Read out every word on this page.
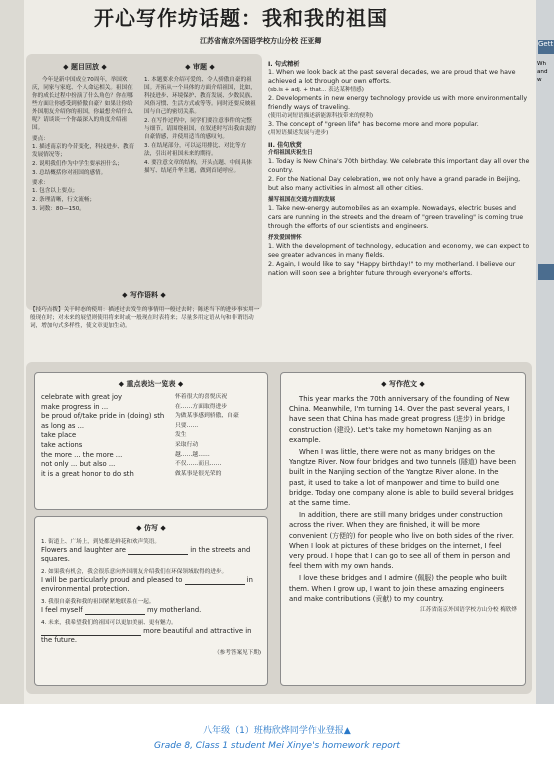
开心写作坊话题：我和我的祖国
江苏省南京外国语学校方山分校 汪亚卿
◆ 题目回放 ◆
今年是新中国成立70周年，举国欢庆，同家与家庭、个人命运相关。祖国在你的成长过程中扮演了什么角色？你在哪些方面让你感受到骄傲自豪？如果让你给外国朋友介绍你的祖国，你最想介绍什么呢？请谈谈一个你最深入的角度介绍祖国。
要点：
1. 描述南京的今昔变化，科技进步、教育发展情况等；
2. 说明我们作为中学生要承担什么；
3. 总结概括你对祖国的感情。
要求：
1. 包含以上要点；
2. 条理清晰，行文流畅；
3. 词数：80—150。
◆ 审题 ◆
1. 本题要求介绍可爱的、令人骄傲自豪的祖国。开拓从一个具体的方面介绍祖国，比如，科技进步、环境保护、教育发展、少数民族、风俗习惯、生活方式或等等。同时还要反映祖国与自己的密切关系。
2. 在写作过程中，同学们要注意事件的完整与细节。请围绕祖国，在叙述时写出我由衷的自豪情感，并使用适当的感叹句。
3. 在结尾部分，可以运用排比、对比等方法，引出对祖国未来的期待。
4. 要注意文章的结构，开头点题、中间具体描写、结尾升华主题，做到首尾呼应。
◆ 写作语料 ◆
【技巧点拨】关于时态的使用：描述过去发生的事情用一般过去时；陈述当下的进步事实用一般现在时；对未来的展望则使用将来时或一般现在时表将来；尽量多用定语从句和非谓语动词，增加句式多样性，使文章更加生动。
I. 句式精析
1. When we look back at the past several decades, we are proud that we have achieved a lot through our own efforts.
(sb.is + adj. + that... 表达某种情感)
2. Developments in new energy technology provide us with more environmentally friendly ways of traveling.
(使用动词短语描述新能源科技带来的便利)
3. The concept of "green life" has become more and more popular.
(用短语描述发展与进步)
II. 佳句欣赏
介绍祖国庆祝生日
1. Today is New China's 70th birthday. We celebrate this important day all over the country.
2. For the National Day celebration, we not only have a grand parade in Beijing, but also many activities in almost all other cities.
描写祖国在交通方面的发展
1. Take new-energy automobiles as an example. Nowadays, electric buses and cars are running in the streets and the dream of "green traveling" is coming true through the efforts of our scientists and engineers.
抒发爱国情怀
1. With the development of technology, education and economy, we can expect to see greater advances in many fields.
2. Again, I would like to say "Happy birthday!" to my motherland. I believe our nation will soon see a brighter future through everyone's efforts.
◆ 重点表达一览表 ◆
celebrate with great joy	怀着很大的喜悦庆祝
make progress in ...	在……方面取得进步
be proud of/take pride in (doing) sth	为做某事感到骄傲、自豪
as long as ...	只要……
take place	发生
take actions	采取行动
the more ... the more ...	越……越……
not only ... but also ...	不仅……而且……
it is a great honor to do sth	做某事是很光荣的
◆ 仿写 ◆
1. 街道上、广场上，到处都是鲜花和欢声笑语。
Flowers and laughter are	in the streets and squares.
2. 如果我有机会，我会很乐意向外国朋友介绍我们在环保领域取得的进步。
I will be particularly proud and pleased to	in environmental protection.
3. 我很自豪我和我的祖国紧紧地联系在一起。
I feel myself	my motherland.
4. 未来，我希望我们的祖国可以更加美丽、更有魅力。
more beautiful and attractive in the future.
（参考答案见下期)
◆ 写作范文 ◆

This year marks the 70th anniversary of the founding of New China. Meanwhile, I'm turning 14. Over the past several years, I have seen that China has made great progress (进步) in bridge construction (建设). Let's take my hometown Nanjing as an example.

When I was little, there were not as many bridges on the Yangtze River. Now four bridges and two tunnels (隧道) have been built in the Nanjing section of the Yangtze River alone. In the past, it used to take a lot of manpower and time to build one bridge. Today one company alone is able to build several bridges at the same time.

In addition, there are still many bridges under construction across the river. When they are finished, it will be more convenient (方便的) for people who live on both sides of the river. When I look at pictures of these bridges on the internet, I feel very proud. I hope that I can go to see all of them in person and feel them with my own hands.

I love these bridges and I admire (佩服) the people who built them. When I grow up, I want to join these amazing engineers and make contributions (贡献) to my country.

江苏省南京外国语学校方山分校 梅欣烨
Gett
Wh and w
八年级（1）班梅欣烨同学作业登报▲
Grade 8, Class 1 student Mei Xinye's homework report
